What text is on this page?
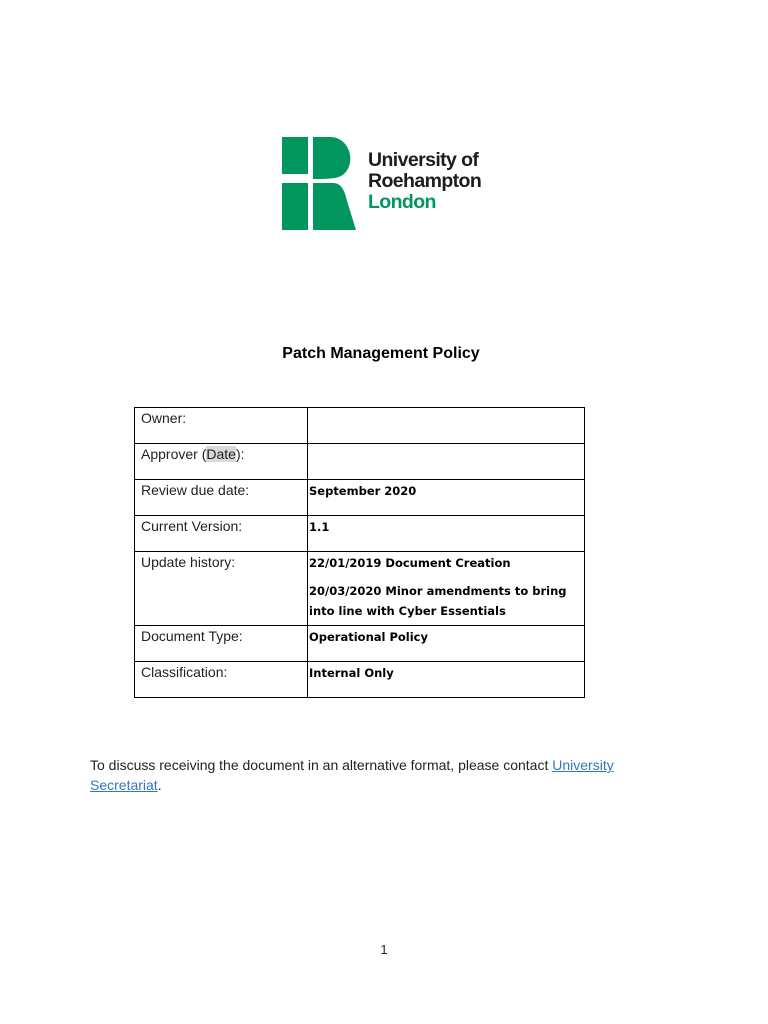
University of
Roehampton
London
Patch Management Policy
Owner:	
Approver (Date):	
Review due date:	September 2020
Current Version:	1.1
Update history:	22/01/2019 Document Creation

20/03/2020 Minor amendments to bring into line with Cyber Essentials

Document Type:	Operational Policy
Classification:	Internal Only
To discuss receiving the document in an alternative format, please contact University Secretariat.
1
